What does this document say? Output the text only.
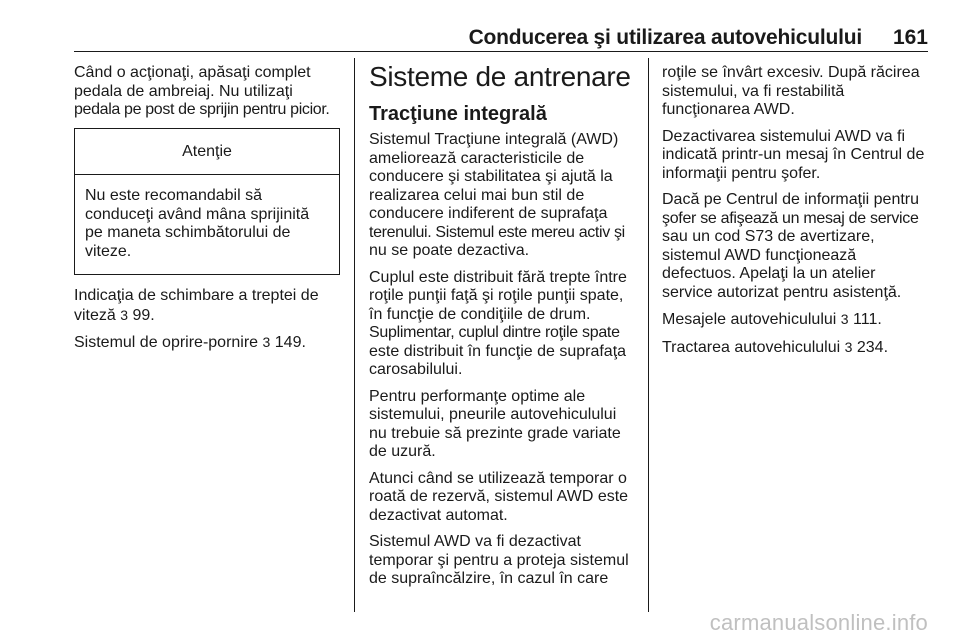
Conducerea şi utilizarea autovehiculului 161

Când o acţionaţi, apăsaţi complet
pedala de ambreiaj. Nu utilizaţi
pedala pe post de sprijin pentru picior.

Atenţie
Nu este recomandabil să
conduceţi având mâna sprijinită
pe maneta schimbătorului de
viteze.

Indicaţia de schimbare a treptei de
viteză 3 99.

Sistemul de oprire-pornire 3 149.

Sisteme de antrenare
Tracţiune integrală

Sistemul Tracţiune integrală (AWD)
ameliorează caracteristicile de
conducere şi stabilitatea şi ajută la
realizarea celui mai bun stil de
conducere indiferent de suprafaţa
terenului. Sistemul este mereu activ şi
nu se poate dezactiva.

Cuplul este distribuit fără trepte între
roţile punţii faţă şi roţile punţii spate,
în funcţie de condiţiile de drum.
Suplimentar, cuplul dintre roţile spate
este distribuit în funcţie de suprafaţa
carosabilului.

Pentru performanţe optime ale
sistemului, pneurile autovehiculului
nu trebuie să prezinte grade variate
de uzură.

Atunci când se utilizează temporar o
roată de rezervă, sistemul AWD este
dezactivat automat.

Sistemul AWD va fi dezactivat
temporar şi pentru a proteja sistemul
de supraîncălzire, în cazul în care

roţile se învârt excesiv. După răcirea
sistemului, va fi restabilită
funcţionarea AWD.

Dezactivarea sistemului AWD va fi
indicată printr-un mesaj în Centrul de
informaţii pentru şofer.

Dacă pe Centrul de informaţii pentru
şofer se afişează un mesaj de service
sau un cod S73 de avertizare,
sistemul AWD funcţionează
defectuos. Apelaţi la un atelier
service autorizat pentru asistenţă.

Mesajele autovehiculului 3 111.

Tractarea autovehiculului 3 234.

carmanualsonline.info
